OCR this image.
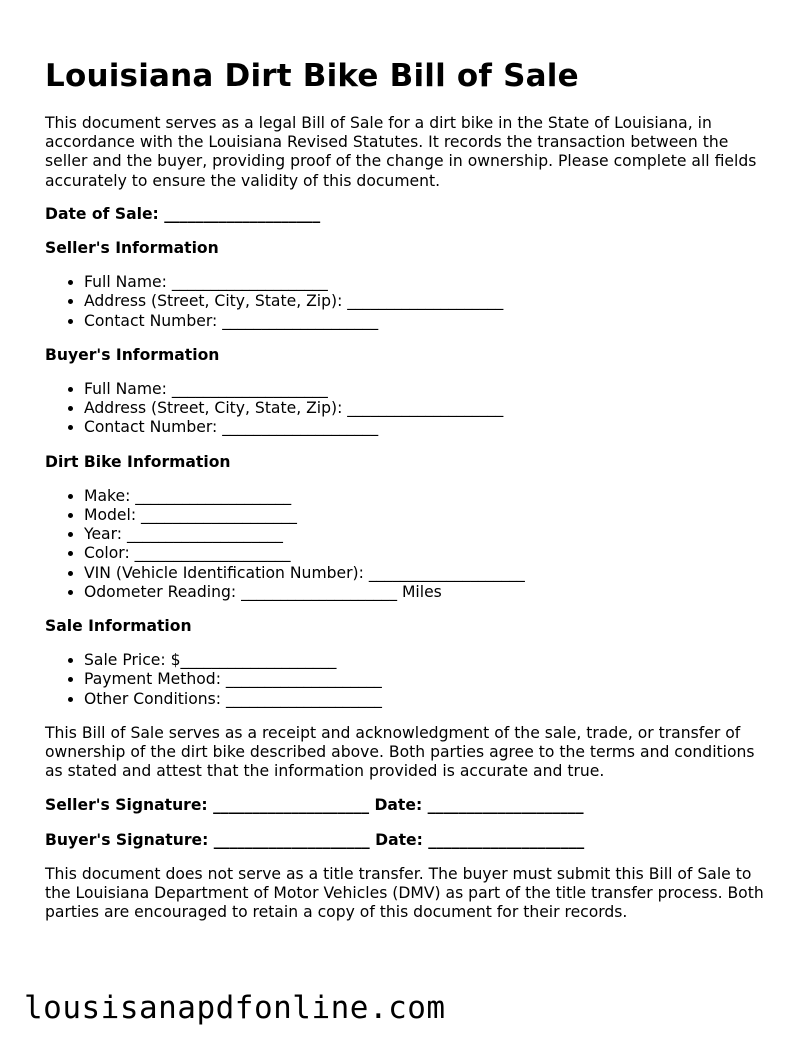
Louisiana Dirt Bike Bill of Sale

This document serves as a legal Bill of Sale for a dirt bike in the State of Louisiana, in accordance with the Louisiana Revised Statutes. It records the transaction between the seller and the buyer, providing proof of the change in ownership. Please complete all fields accurately to ensure the validity of this document.

Date of Sale: ____________________
Seller's Information
• Full Name: ____________________
• Address (Street, City, State, Zip): ____________________
• Contact Number: ____________________
Buyer's Information
• Full Name: ____________________
• Address (Street, City, State, Zip): ____________________
• Contact Number: ____________________
Dirt Bike Information
• Make: ____________________
• Model: ____________________
• Year: ____________________
• Color: ____________________
• VIN (Vehicle Identification Number): ____________________
• Odometer Reading: ____________________ Miles
Sale Information
• Sale Price: $____________________
• Payment Method: ____________________
• Other Conditions: ____________________

This Bill of Sale serves as a receipt and acknowledgment of the sale, trade, or transfer of ownership of the dirt bike described above. Both parties agree to the terms and conditions as stated and attest that the information provided is accurate and true.

Seller's Signature: ____________________ Date: ____________________
Buyer's Signature: ____________________ Date: ____________________

This document does not serve as a title transfer. The buyer must submit this Bill of Sale to the Louisiana Department of Motor Vehicles (DMV) as part of the title transfer process. Both parties are encouraged to retain a copy of this document for their records.

lousisanapdfonline.com
